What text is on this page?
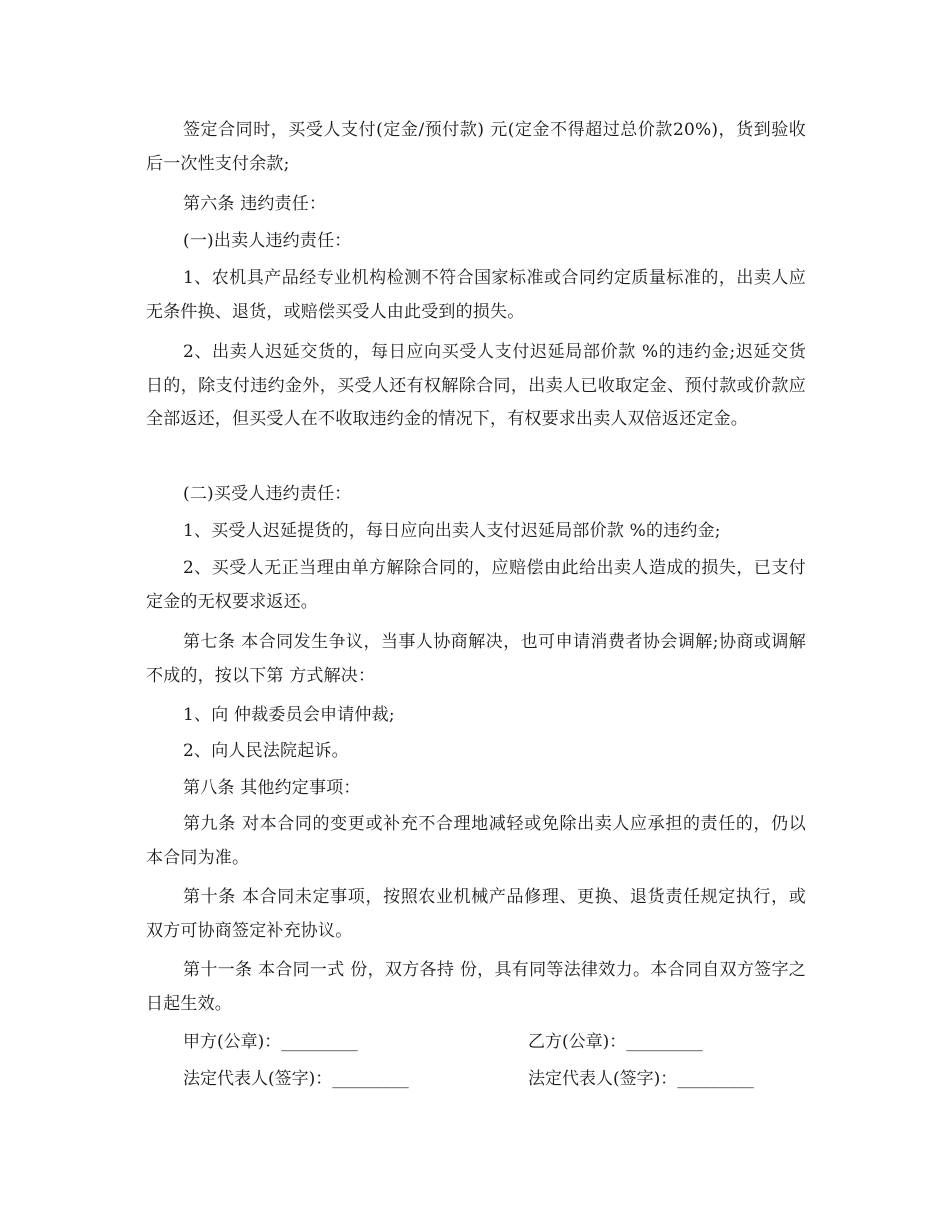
签定合同时，买受人支付(定金/预付款) 元(定金不得超过总价款20%)，货到验收后一次性支付余款;

第六条 违约责任：

(一)出卖人违约责任：

1、农机具产品经专业机构检测不符合国家标准或合同约定质量标准的，出卖人应无条件换、退货，或赔偿买受人由此受到的损失。

2、出卖人迟延交货的，每日应向买受人支付迟延局部价款 %的违约金;迟延交货 日的，除支付违约金外，买受人还有权解除合同，出卖人已收取定金、预付款或价款应全部返还，但买受人在不收取违约金的情况下，有权要求出卖人双倍返还定金。

(二)买受人违约责任：

1、买受人迟延提货的，每日应向出卖人支付迟延局部价款 %的违约金;

2、买受人无正当理由单方解除合同的，应赔偿由此给出卖人造成的损失，已支付定金的无权要求返还。

第七条 本合同发生争议，当事人协商解决，也可申请消费者协会调解;协商或调解不成的，按以下第 方式解决：

1、向 仲裁委员会申请仲裁;

2、向人民法院起诉。

第八条 其他约定事项：

第九条 对本合同的变更或补充不合理地减轻或免除出卖人应承担的责任的，仍以本合同为准。

第十条 本合同未定事项，按照农业机械产品修理、更换、退货责任规定执行，或双方可协商签定补充协议。

第十一条 本合同一式 份，双方各持 份，具有同等法律效力。本合同自双方签字之日起生效。

甲方(公章)：_________	乙方(公章)：_________

法定代表人(签字)：_________	法定代表人(签字)：_________
